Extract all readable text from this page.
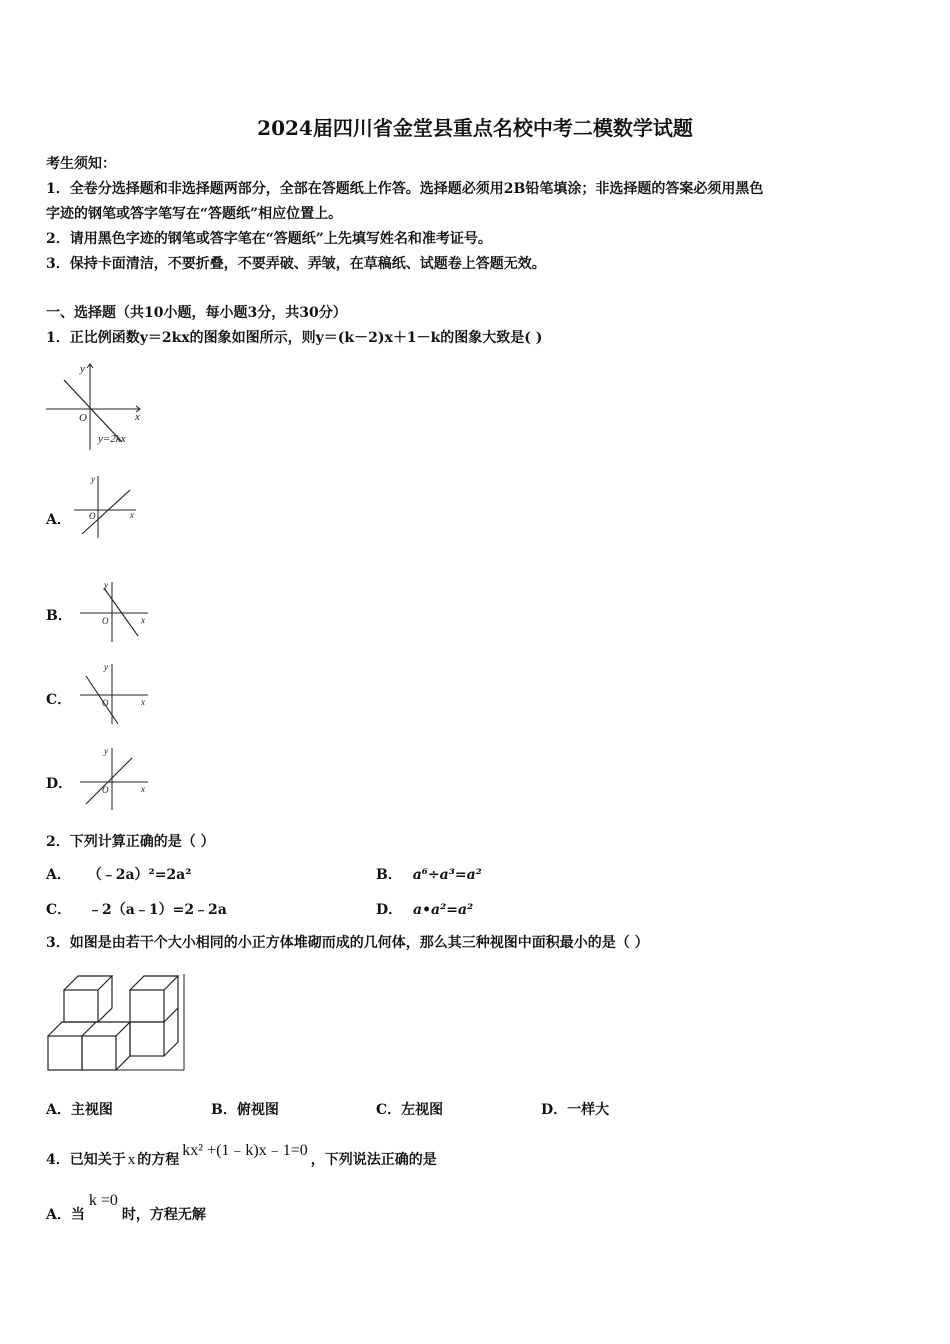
2024届四川省金堂县重点名校中考二模数学试题
考生须知：
1．全卷分选择题和非选择题两部分，全部在答题纸上作答。选择题必须用2B铅笔填涂；非选择题的答案必须用黑色
字迹的钢笔或答字笔写在“答题纸”相应位置上。
2．请用黑色字迹的钢笔或答字笔在“答题纸”上先填写姓名和准考证号。
3．保持卡面清洁，不要折叠，不要弄破、弄皱，在草稿纸、试题卷上答题无效。
一、选择题（共10小题，每小题3分，共30分）
1．正比例函数y＝2kx的图象如图所示，则y＝(k－2)x＋1－k的图象大致是( )
y
x
O
y=2kx
A．
y
x
O
B．
y
x
O
C．
y
x
O
D．
y
x
O
2．下列计算正确的是（ ）
A． （﹣2a）²=2a²	B． a⁶÷a³=a²
C． ﹣2（a﹣1）=2﹣2a	D． a•a²=a²
3．如图是由若干个大小相同的小正方体堆砌而成的几何体，那么其三种视图中面积最小的是（ ）
A．主视图	B．俯视图	C．左视图	D．一样大
4．已知关于 x 的方程kx² +(1﹣k)x﹣1=0，下列说法正确的是
A．当k =0时，方程无解
